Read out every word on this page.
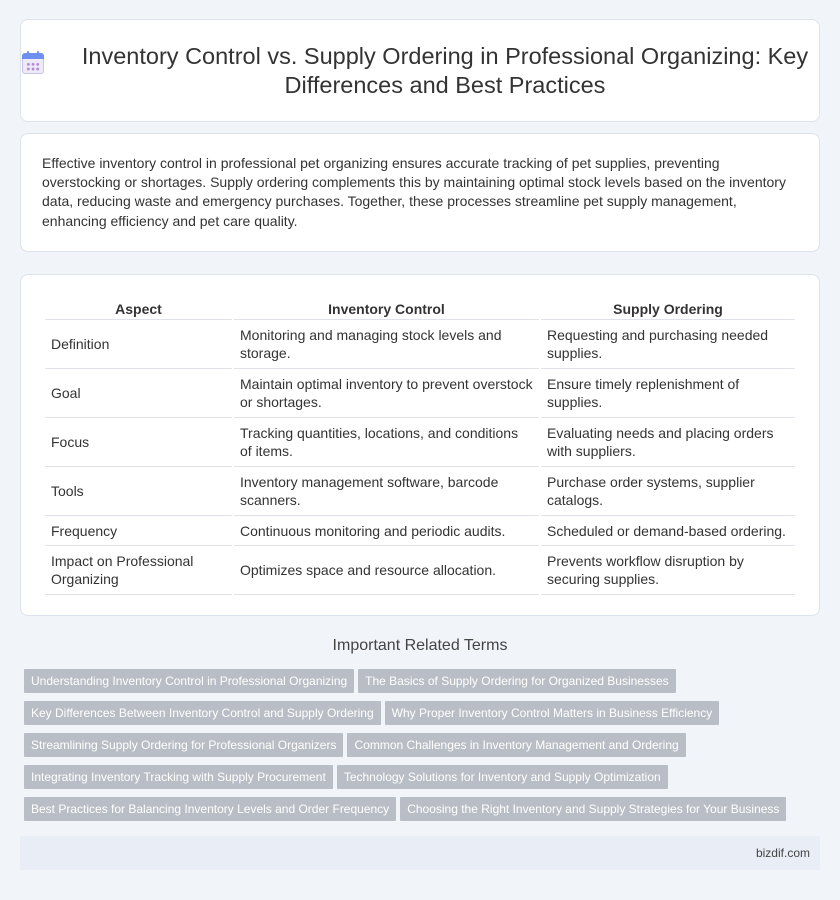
Inventory Control vs. Supply Ordering in Professional Organizing: Key Differences and Best Practices

Effective inventory control in professional pet organizing ensures accurate tracking of pet supplies, preventing overstocking or shortages. Supply ordering complements this by maintaining optimal stock levels based on the inventory data, reducing waste and emergency purchases. Together, these processes streamline pet supply management, enhancing efficiency and pet care quality.

Aspect	Inventory Control	Supply Ordering
Definition	Monitoring and managing stock levels and storage.	Requesting and purchasing needed supplies.
Goal	Maintain optimal inventory to prevent overstock or shortages.	Ensure timely replenishment of supplies.
Focus	Tracking quantities, locations, and conditions of items.	Evaluating needs and placing orders with suppliers.
Tools	Inventory management software, barcode scanners.	Purchase order systems, supplier catalogs.
Frequency	Continuous monitoring and periodic audits.	Scheduled or demand-based ordering.
Impact on Professional Organizing	Optimizes space and resource allocation.	Prevents workflow disruption by securing supplies.
Important Related Terms
Understanding Inventory Control in Professional Organizing The Basics of Supply Ordering for Organized Businesses
Key Differences Between Inventory Control and Supply Ordering Why Proper Inventory Control Matters in Business Efficiency
Streamlining Supply Ordering for Professional Organizers Common Challenges in Inventory Management and Ordering
Integrating Inventory Tracking with Supply Procurement Technology Solutions for Inventory and Supply Optimization
Best Practices for Balancing Inventory Levels and Order Frequency Choosing the Right Inventory and Supply Strategies for Your Business
bizdif.com
